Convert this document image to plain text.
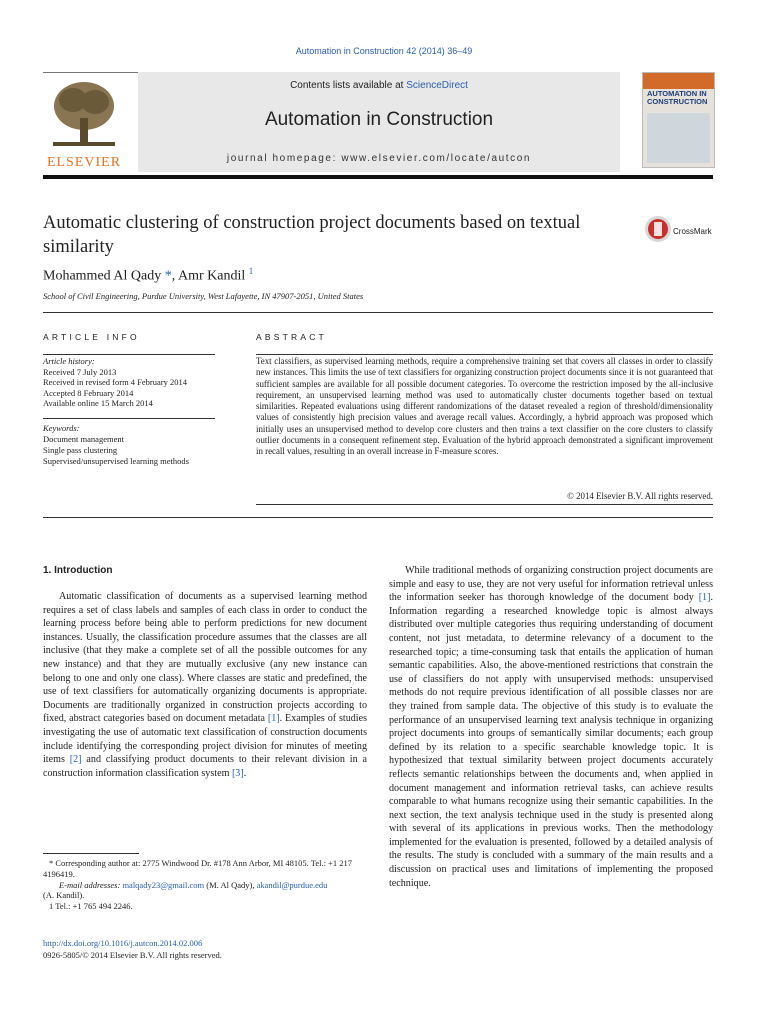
Automation in Construction 42 (2014) 36–49
ELSEVIER
Contents lists available at ScienceDirect
Automation in Construction
journal homepage: www.elsevier.com/locate/autcon
AUTOMATION IN
CONSTRUCTION
Automatic clustering of construction project documents based on textual similarity
CrossMark
Mohammed Al Qady *, Amr Kandil $^1$
School of Civil Engineering, Purdue University, West Lafayette, IN 47907-2051, United States
ARTICLE INFO	ABSTRACT
Article history:
Received 7 July 2013
Received in revised form 4 February 2014
Accepted 8 February 2014
Available online 15 March 2014
Keywords:
Document management
Single pass clustering
Supervised/unsupervised learning methods
Text classifiers, as supervised learning methods, require a comprehensive training set that covers all classes in order to classify new instances. This limits the use of text classifiers for organizing construction project documents since it is not guaranteed that sufficient samples are available for all possible document categories. To overcome the restriction imposed by the all-inclusive requirement, an unsupervised learning method was used to automatically cluster documents together based on textual similarities. Repeated evaluations using different randomizations of the dataset revealed a region of threshold/dimensionality values of consistently high precision values and average recall values. Accordingly, a hybrid approach was proposed which initially uses an unsupervised method to develop core clusters and then trains a text classifier on the core clusters to classify outlier documents in a consequent refinement step. Evaluation of the hybrid approach demonstrated a significant improvement in recall values, resulting in an overall increase in F-measure scores.
© 2014 Elsevier B.V. All rights reserved.
1. Introduction

Automatic classification of documents as a supervised learning method requires a set of class labels and samples of each class in order to conduct the learning process before being able to perform predictions for new document instances. Usually, the classification procedure assumes that the classes are all inclusive (that they make a complete set of all the possible outcomes for any new instance) and that they are mutually exclusive (any new instance can belong to one and only one class). Where classes are static and predefined, the use of text classifiers for automatically organizing documents is appropriate. Documents are traditionally organized in construction projects according to fixed, abstract categories based on document metadata [1]. Examples of studies investigating the use of automatic text classification of construction documents include identifying the corresponding project division for minutes of meeting items [2] and classifying product documents to their relevant division in a construction information classification system [3].

While traditional methods of organizing construction project documents are simple and easy to use, they are not very useful for information retrieval unless the information seeker has thorough knowledge of the document body [1]. Information regarding a researched knowledge topic is almost always distributed over multiple categories thus requiring understanding of document content, not just metadata, to determine relevancy of a document to the researched topic; a time-consuming task that entails the application of human semantic capabilities. Also, the above-mentioned restrictions that constrain the use of classifiers do not apply with unsupervised methods: unsupervised methods do not require previous identification of all possible classes nor are they trained from sample data. The objective of this study is to evaluate the performance of an unsupervised learning text analysis technique in organizing project documents into groups of semantically similar documents; each group defined by its relation to a specific searchable knowledge topic. It is hypothesized that textual similarity between project documents accurately reflects semantic relationships between the documents and, when applied in document management and information retrieval tasks, can achieve results comparable to what humans recognize using their semantic capabilities. In the next section, the text analysis technique used in the study is presented along with several of its applications in previous works. Then the methodology implemented for the evaluation is presented, followed by a detailed analysis of the results. The study is concluded with a summary of the main results and a discussion on practical uses and limitations of implementing the proposed technique.

* Corresponding author at: 2775 Windwood Dr. #178 Ann Arbor, MI 48105. Tel.: +1 217 4196419.

E-mail addresses: malqady23@gmail.com (M. Al Qady), akandil@purdue.edu

(A. Kandil).

1 Tel.: +1 765 494 2246.

http://dx.doi.org/10.1016/j.autcon.2014.02.006

0926-5805/© 2014 Elsevier B.V. All rights reserved.
